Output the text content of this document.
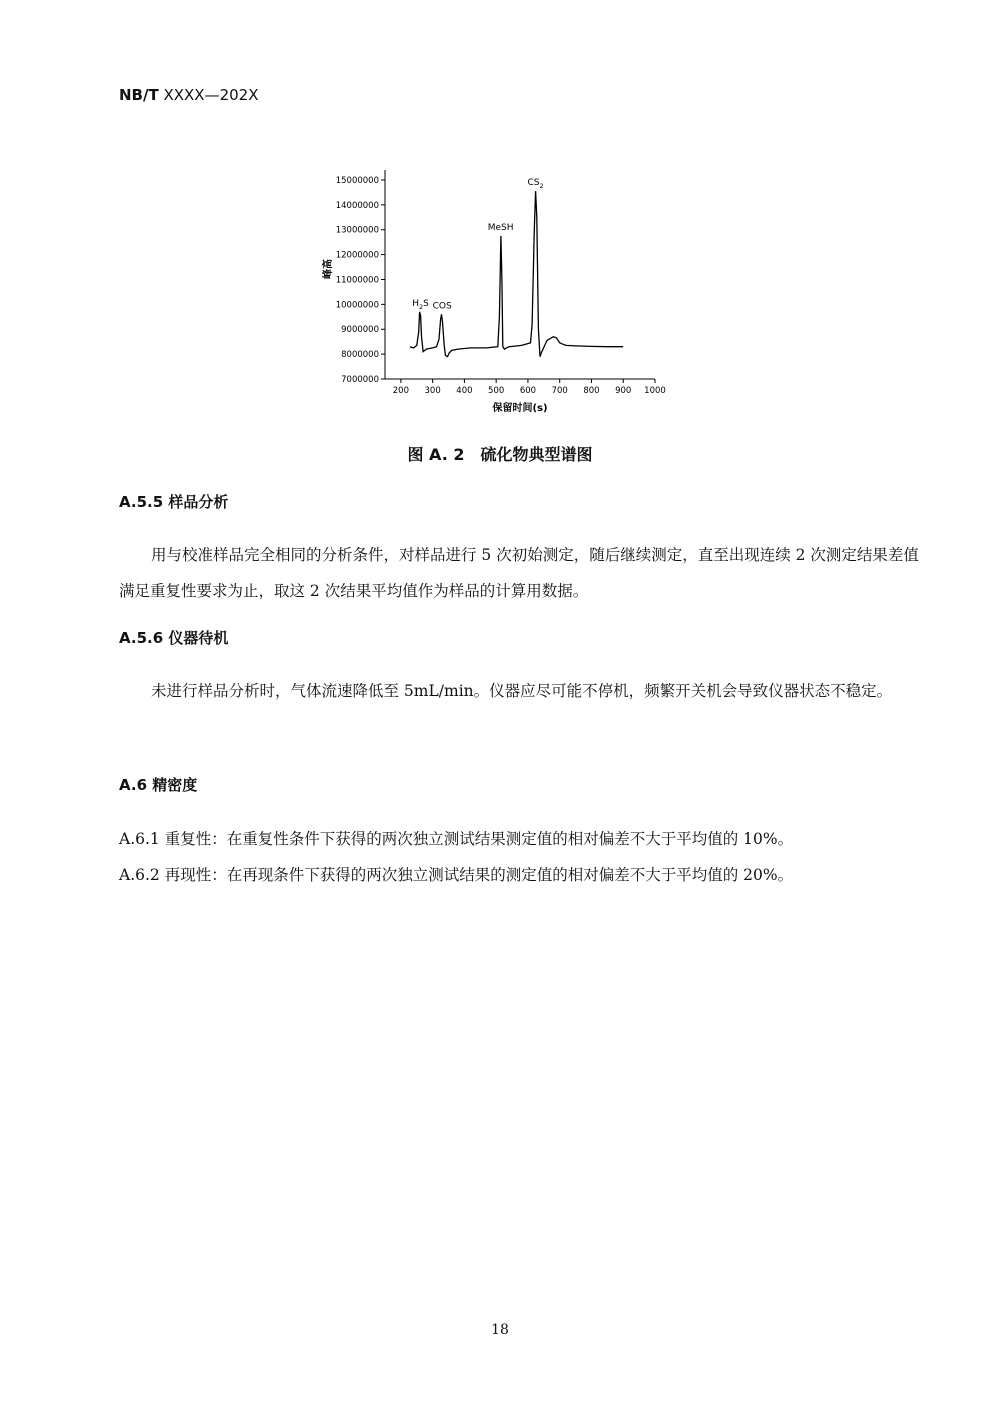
NB/T XXXX—202X
200 300 400 500 600 700 800 900 1000
7000000
8000000
9000000
10000000
11000000
12000000
13000000
14000000
15000000
$H_2S$ COS
MeSH
$CS_2$
保留时间(s)
峰高
图 A. 2　硫化物典型谱图
A.5.5 样品分析
用与校准样品完全相同的分析条件，对样品进行 5 次初始测定，随后继续测定，直至出现连续 2 次测定结果差值满足重复性要求为止，取这 2 次结果平均值作为样品的计算用数据。
A.5.6 仪器待机
未进行样品分析时，气体流速降低至 5mL/min。仪器应尽可能不停机，频繁开关机会导致仪器状态不稳定。
A.6 精密度
A.6.1 重复性：在重复性条件下获得的两次独立测试结果测定值的相对偏差不大于平均值的 10%。
A.6.2 再现性：在再现条件下获得的两次独立测试结果的测定值的相对偏差不大于平均值的 20%。
18
